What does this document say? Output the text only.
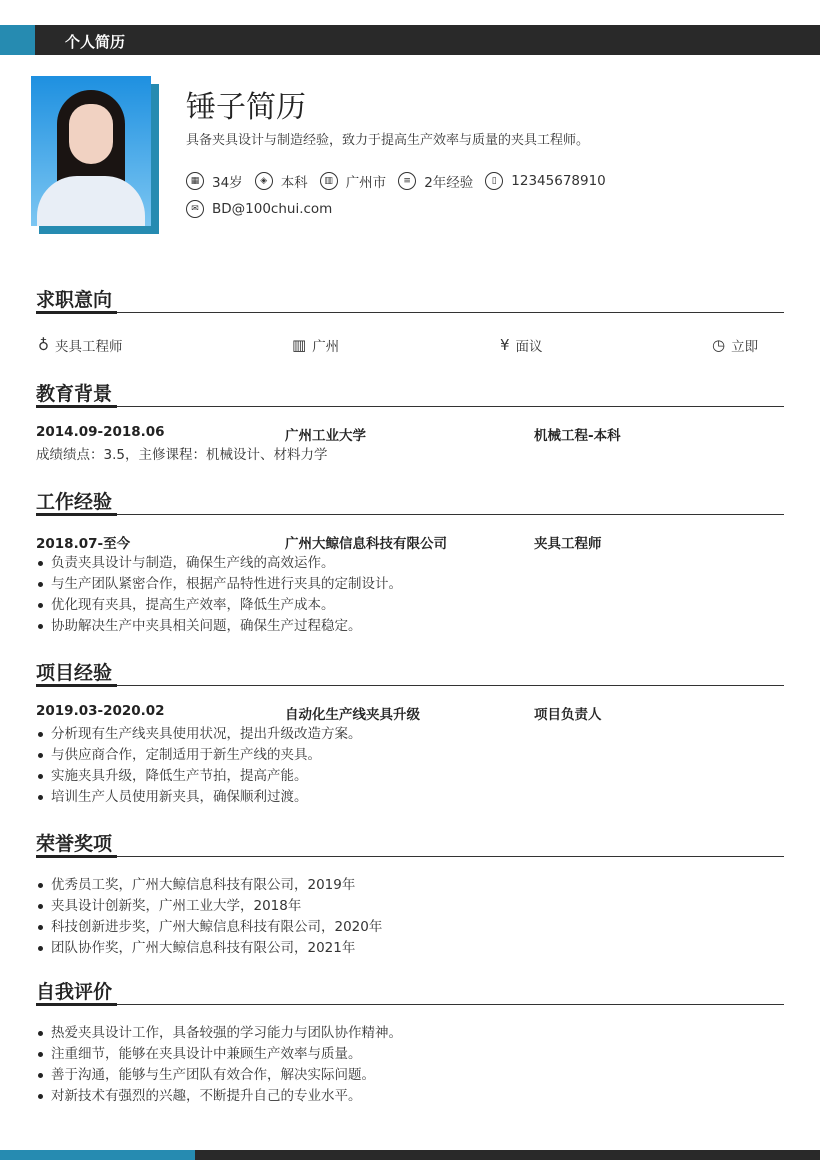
个人简历
锤子简历
具备夹具设计与制造经验，致力于提高生产效率与质量的夹具工程师。
▦ 34岁	◈	本科	▥ 广州市	≡ 2年经验	▯	12345678910
✉ BD@100chui.com
求职意向
♁ 夹具工程师	▥ 广州	¥ 面议	◷ 立即
教育背景
2014.09-2018.06	广州工业大学	机械工程-本科
成绩绩点：3.5，主修课程：机械设计、材料力学
工作经验
2018.07-至今	广州大鲸信息科技有限公司	夹具工程师
负责夹具设计与制造，确保生产线的高效运作。
与生产团队紧密合作，根据产品特性进行夹具的定制设计。
优化现有夹具，提高生产效率，降低生产成本。
协助解决生产中夹具相关问题，确保生产过程稳定。
项目经验
2019.03-2020.02	自动化生产线夹具升级	项目负责人
分析现有生产线夹具使用状况，提出升级改造方案。
与供应商合作，定制适用于新生产线的夹具。
实施夹具升级，降低生产节拍，提高产能。
培训生产人员使用新夹具，确保顺利过渡。
荣誉奖项
优秀员工奖，广州大鲸信息科技有限公司，2019年
夹具设计创新奖，广州工业大学，2018年
科技创新进步奖，广州大鲸信息科技有限公司，2020年
团队协作奖，广州大鲸信息科技有限公司，2021年
自我评价
热爱夹具设计工作，具备较强的学习能力与团队协作精神。
注重细节，能够在夹具设计中兼顾生产效率与质量。
善于沟通，能够与生产团队有效合作，解决实际问题。
对新技术有强烈的兴趣，不断提升自己的专业水平。
